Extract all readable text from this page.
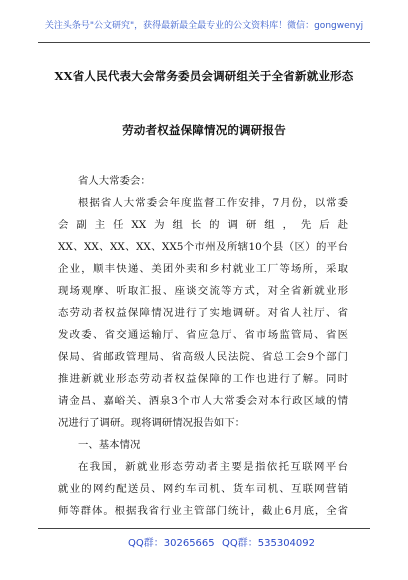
关注头条号"公文研究"，获得最新最全最专业的公文资料库！微信：gongwenyj
XX省人民代表大会常务委员会调研组关于全省新就业形态
劳动者权益保障情况的调研报告
省人大常委会：
根据省人大常委会年度监督工作安排，7月份，以常委
会副主任XX为组长的调研组，先后赴
XX、XX、XX、XX、XX5个市州及所辖10个县（区）的平台
企业，顺丰快递、美团外卖和乡村就业工厂等场所，采取
现场观摩、听取汇报、座谈交流等方式，对全省新就业形
态劳动者权益保障情况进行了实地调研。对省人社厅、省
发改委、省交通运输厅、省应急厅、省市场监管局、省医
保局、省邮政管理局、省高级人民法院、省总工会9个部门
推进新就业形态劳动者权益保障的工作也进行了解。同时
请金昌、嘉峪关、酒泉3个市人大常委会对本行政区域的情
况进行了调研。现将调研情况报告如下：
一、基本情况
在我国，新就业形态劳动者主要是指依托互联网平台
就业的网约配送员、网约车司机、货车司机、互联网营销
师等群体。根据我省行业主管部门统计，截止6月底，全省
QQ群：30265665 QQ群：535304092
